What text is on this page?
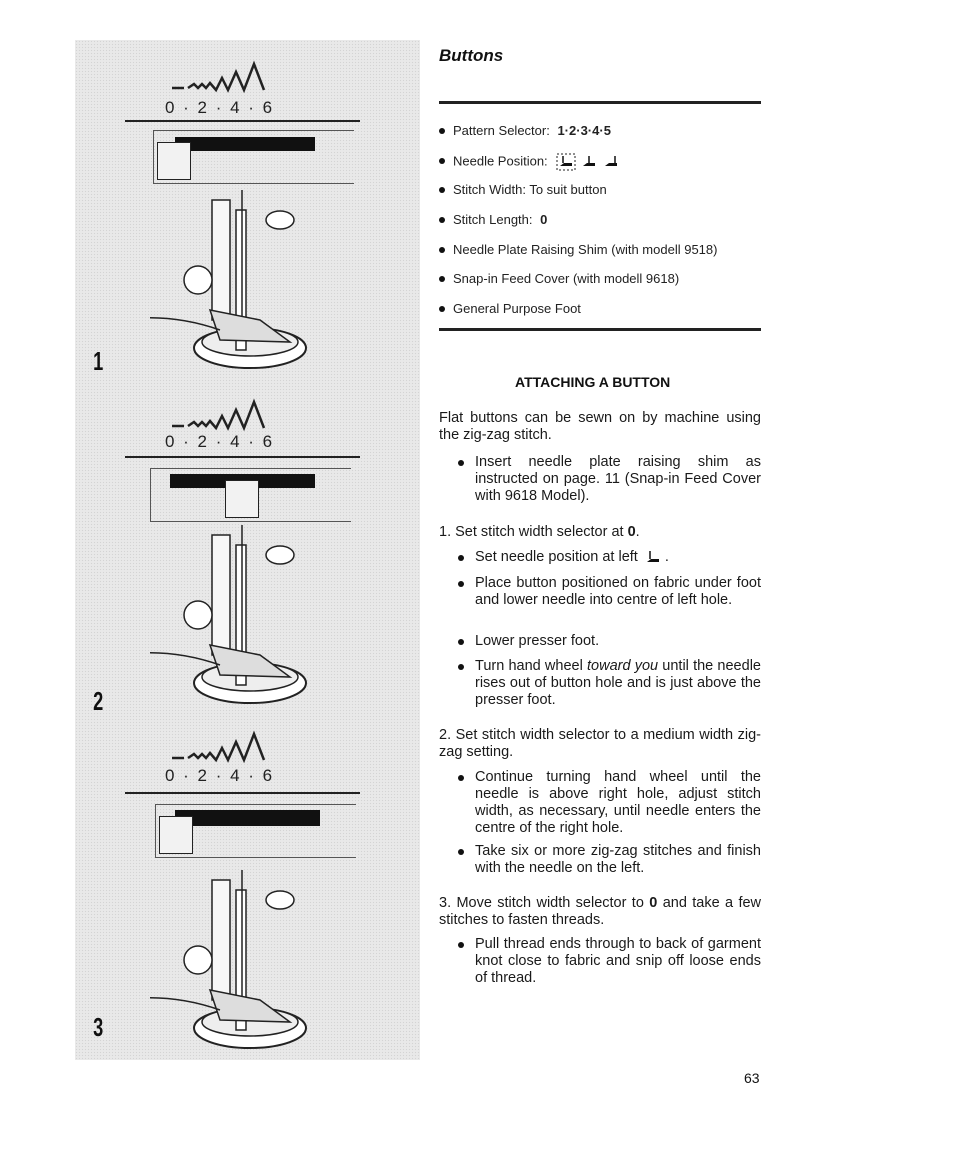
0 · 2 · 4 · 6
1
0 · 2 · 4 · 6
2
0 · 2 · 4 · 6
3
Buttons
Pattern Selector: 1·2·3·4·5
Needle Position:
Stitch Width: To suit button
Stitch Length: 0
Needle Plate Raising Shim (with modell 9518)
Snap-in Feed Cover (with modell 9618)
General Purpose Foot
ATTACHING A BUTTON
Flat buttons can be sewn on by machine using the zig-zag stitch.
Insert needle plate raising shim as instructed on page. 11 (Snap-in Feed Cover with 9618 Model).
1. Set stitch width selector at 0.
Set needle position at left  .
Place button positioned on fabric under foot and lower needle into centre of left hole.
Lower presser foot.
Turn hand wheel toward you until the needle rises out of button hole and is just above the presser foot.
2. Set stitch width selector to a medium width zig-zag setting.
Continue turning hand wheel until the needle is above right hole, adjust stitch width, as necessary, until needle enters the centre of the right hole.
Take six or more zig-zag stitches and finish with the needle on the left.
3. Move stitch width selector to 0 and take a few stitches to fasten threads.
Pull thread ends through to back of garment knot close to fabric and snip off loose ends of thread.
63
